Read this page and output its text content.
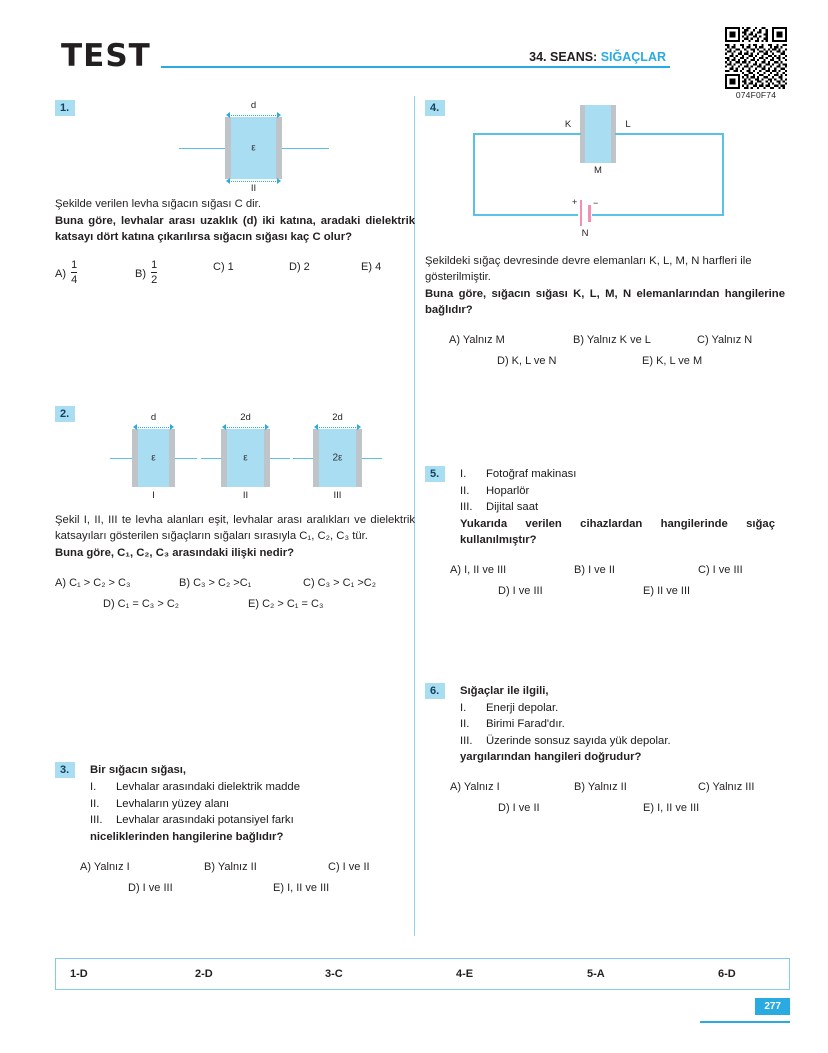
TEST	34. SEANS: SIĞAÇLAR
074F0F74
1.
ε
d
II
Şekilde verilen levha sığacın sığası C dir.
Buna göre, levhalar arası uzaklık (d) iki katına, aradaki dielektrik katsayı dört katına çıkarılırsa sığacın sığası kaç C olur?
$A) \frac{1}{4}$	$B) \frac{1}{2}$	C) 1	D) 2	E) 4
2.
ε
d
I
ε
2d
II
2ε
2d
III
Şekil I, II, III te levha alanları eşit, levhalar arası aralıkları ve dielektrik katsayıları gösterilen sığaçların sığaları sırasıyla C₁, C₂, C₃ tür.
Buna göre, C₁, C₂, C₃ arasındaki ilişki nedir?
A) C₁ > C₂ > C₃	B) C₃ > C₂ >C₁	C) C₃ > C₁ >C₂
D) C₁ = C₃ > C₂	E) C₂ > C₁ = C₃
3.	Bir sığacın sığası,
I.	Levhalar arasındaki dielektrik madde
II.	Levhaların yüzey alanı
III.	Levhalar arasındaki potansiyel farkı
niceliklerinden hangilerine bağlıdır?
A) Yalnız I	B) Yalnız II	C) I ve II
D) I ve III	E) I, II ve III
4.
K	L
M
+ −
N
Şekildeki sığaç devresinde devre elemanları K, L, M, N harfleri ile gösterilmiştir.
Buna göre, sığacın sığası K, L, M, N elemanlarından hangilerine bağlıdır?
A) Yalnız M	B) Yalnız K ve L	C) Yalnız N
D) K, L ve N	E) K, L ve M
5.	I.	Fotoğraf makinası
II.	Hoparlör
III.	Dijital saat
Yukarıda verilen cihazlardan hangilerinde sığaç kullanılmıştır?
A) I, II ve III	B) I ve II	C) I ve III
D) I ve III	E) II ve III
6.	Sığaçlar ile ilgili,
I.	Enerji depolar.
II.	Birimi Farad'dır.
III.	Üzerinde sonsuz sayıda yük depolar.
yargılarından hangileri doğrudur?
A) Yalnız I	B) Yalnız II	C) Yalnız III
D) I ve II	E) I, II ve III
1-D	2-D	3-C	4-E	5-A	6-D
277
